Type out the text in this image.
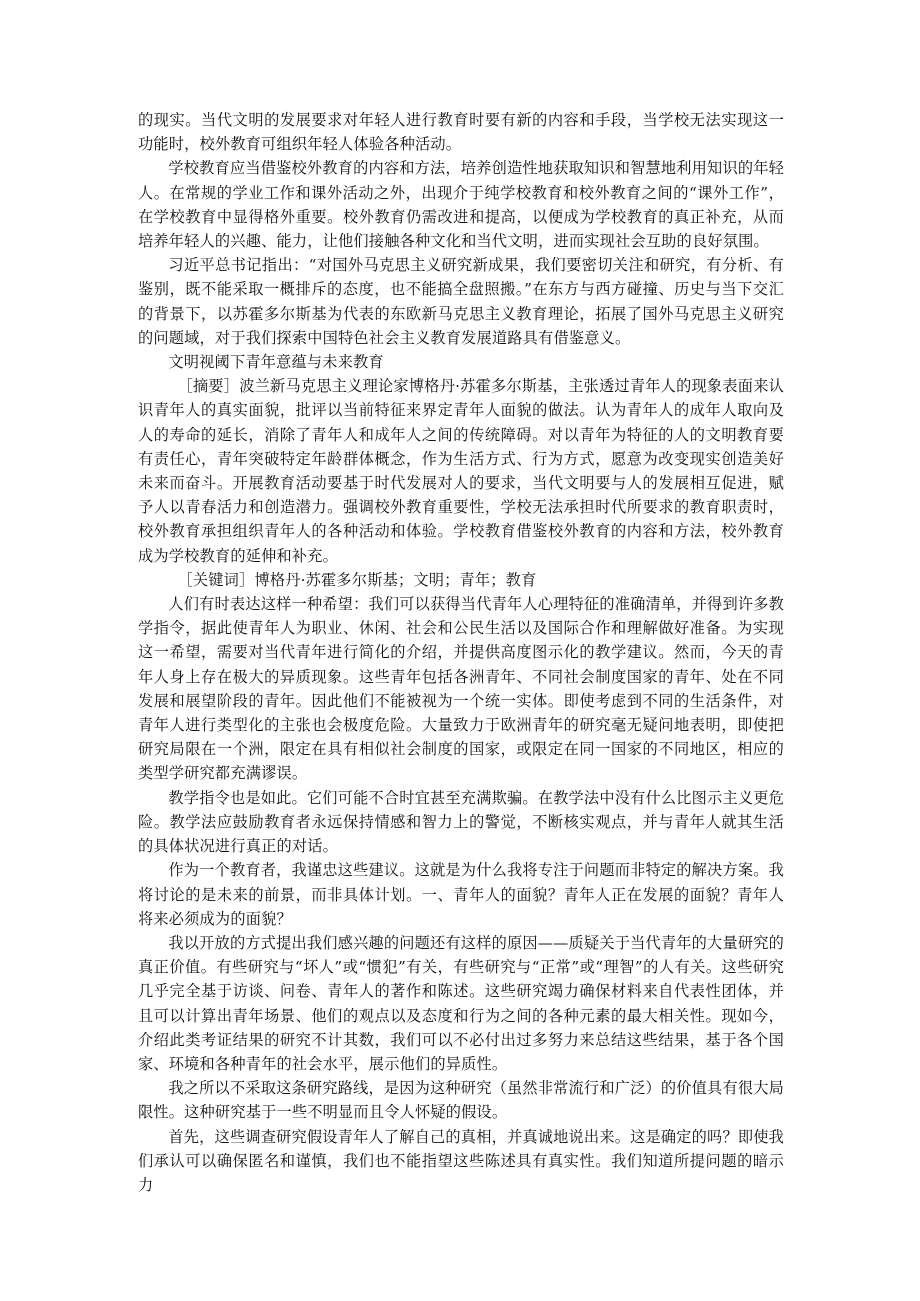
的现实。当代文明的发展要求对年轻人进行教育时要有新的内容和手段，当学校无法实现这一功能时，校外教育可组织年轻人体验各种活动。

学校教育应当借鉴校外教育的内容和方法，培养创造性地获取知识和智慧地利用知识的年轻人。在常规的学业工作和课外活动之外，出现介于纯学校教育和校外教育之间的“课外工作”，在学校教育中显得格外重要。校外教育仍需改进和提高，以便成为学校教育的真正补充，从而培养年轻人的兴趣、能力，让他们接触各种文化和当代文明，进而实现社会互助的良好氛围。

习近平总书记指出：“对国外马克思主义研究新成果，我们要密切关注和研究，有分析、有鉴别，既不能采取一概排斥的态度，也不能搞全盘照搬。”在东方与西方碰撞、历史与当下交汇的背景下，以苏霍多尔斯基为代表的东欧新马克思主义教育理论，拓展了国外马克思主义研究的问题域，对于我们探索中国特色社会主义教育发展道路具有借鉴意义。

文明视阈下青年意蕴与未来教育

［摘要］波兰新马克思主义理论家博格丹·苏霍多尔斯基，主张透过青年人的现象表面来认识青年人的真实面貌，批评以当前特征来界定青年人面貌的做法。认为青年人的成年人取向及人的寿命的延长，消除了青年人和成年人之间的传统障碍。对以青年为特征的人的文明教育要有责任心，青年突破特定年龄群体概念，作为生活方式、行为方式，愿意为改变现实创造美好未来而奋斗。开展教育活动要基于时代发展对人的要求，当代文明要与人的发展相互促进，赋予人以青春活力和创造潜力。强调校外教育重要性，学校无法承担时代所要求的教育职责时，校外教育承担组织青年人的各种活动和体验。学校教育借鉴校外教育的内容和方法，校外教育成为学校教育的延伸和补充。

［关键词］博格丹·苏霍多尔斯基；文明；青年；教育

人们有时表达这样一种希望：我们可以获得当代青年人心理特征的准确清单，并得到许多教学指令，据此使青年人为职业、休闲、社会和公民生活以及国际合作和理解做好准备。为实现这一希望，需要对当代青年进行简化的介绍，并提供高度图示化的教学建议。然而，今天的青年人身上存在极大的异质现象。这些青年包括各洲青年、不同社会制度国家的青年、处在不同发展和展望阶段的青年。因此他们不能被视为一个统一实体。即使考虑到不同的生活条件，对青年人进行类型化的主张也会极度危险。大量致力于欧洲青年的研究毫无疑问地表明，即使把研究局限在一个洲，限定在具有相似社会制度的国家，或限定在同一国家的不同地区，相应的类型学研究都充满谬误。

教学指令也是如此。它们可能不合时宜甚至充满欺骗。在教学法中没有什么比图示主义更危险。教学法应鼓励教育者永远保持情感和智力上的警觉，不断核实观点，并与青年人就其生活的具体状况进行真正的对话。

作为一个教育者，我谨忠这些建议。这就是为什么我将专注于问题而非特定的解决方案。我将讨论的是未来的前景，而非具体计划。一、青年人的面貌？青年人正在发展的面貌？青年人将来必须成为的面貌？

我以开放的方式提出我们感兴趣的问题还有这样的原因——质疑关于当代青年的大量研究的真正价值。有些研究与“坏人”或“惯犯”有关，有些研究与“正常”或“理智”的人有关。这些研究几乎完全基于访谈、问卷、青年人的著作和陈述。这些研究竭力确保材料来自代表性团体，并且可以计算出青年场景、他们的观点以及态度和行为之间的各种元素的最大相关性。现如今，介绍此类考证结果的研究不计其数，我们可以不必付出过多努力来总结这些结果，基于各个国家、环境和各种青年的社会水平，展示他们的异质性。

我之所以不采取这条研究路线，是因为这种研究（虽然非常流行和广泛）的价值具有很大局限性。这种研究基于一些不明显而且令人怀疑的假设。

首先，这些调查研究假设青年人了解自己的真相，并真诚地说出来。这是确定的吗？即使我们承认可以确保匿名和谨慎，我们也不能指望这些陈述具有真实性。我们知道所提问题的暗示力
